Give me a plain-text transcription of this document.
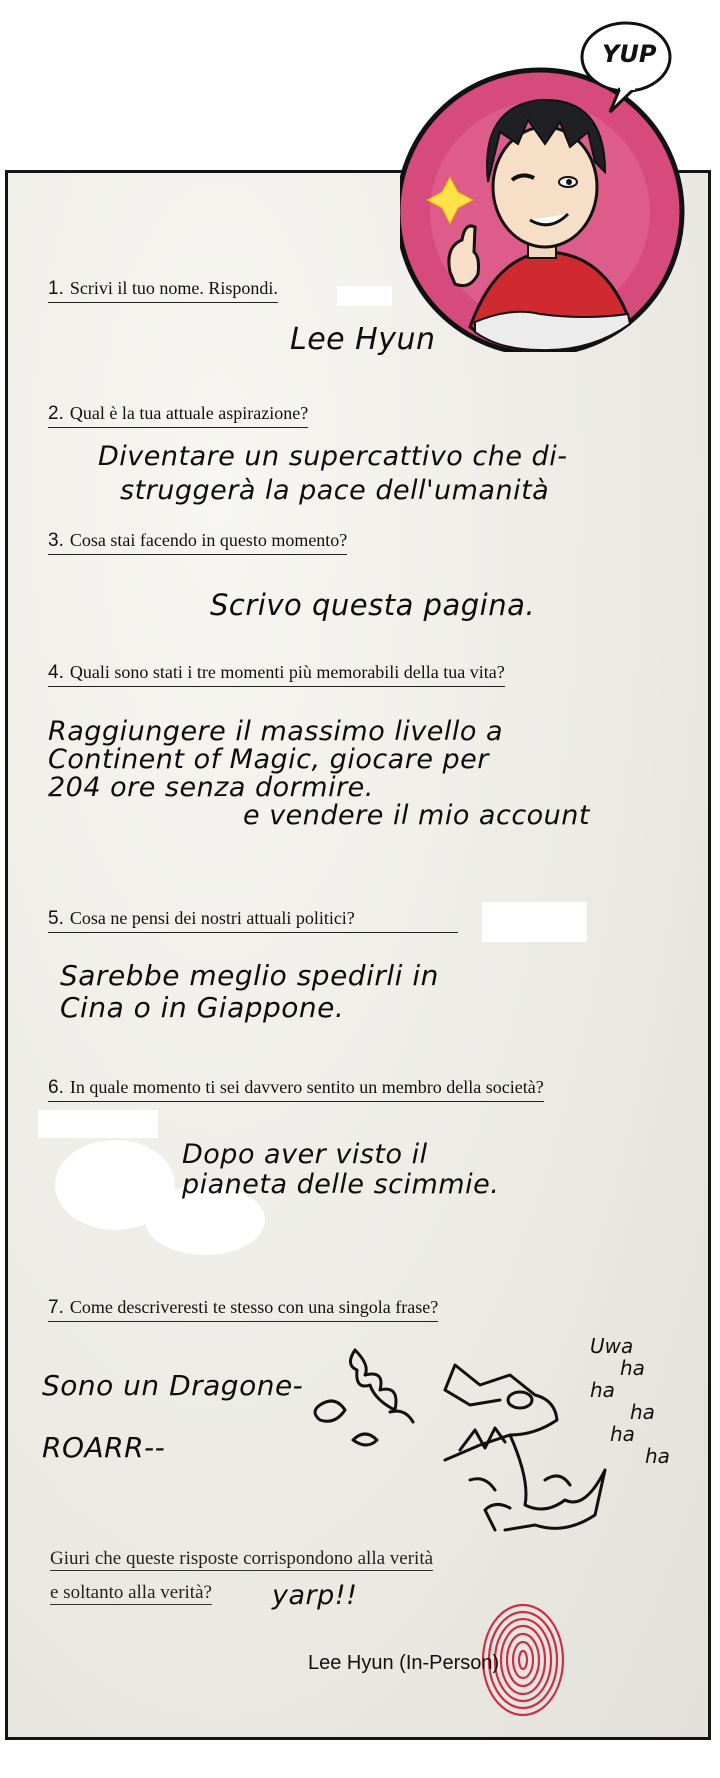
YUP
1. Scrivi il tuo nome. Rispondi.
Lee Hyun
2. Qual è la tua attuale aspirazione?
Diventare un supercattivo che di-
struggerà la pace dell'umanità
3. Cosa stai facendo in questo momento?
Scrivo questa pagina.
4. Quali sono stati i tre momenti più memorabili della tua vita?
Raggiungere il massimo livello a
Continent of Magic, giocare per
204 ore senza dormire.
e vendere il mio account
5. Cosa ne pensi dei nostri attuali politici?
Sarebbe meglio spedirli in
Cina o in Giappone.
6. In quale momento ti sei davvero sentito un membro della società?
Dopo aver visto il
pianeta delle scimmie.
7. Come descriveresti te stesso con una singola frase?
Sono un Dragone-
ROARR--
Uwa
ha
ha
ha
ha
ha
Giuri che queste risposte corrispondono alla verità
e soltanto alla verità? yarp!!
Lee Hyun (In-Person)
